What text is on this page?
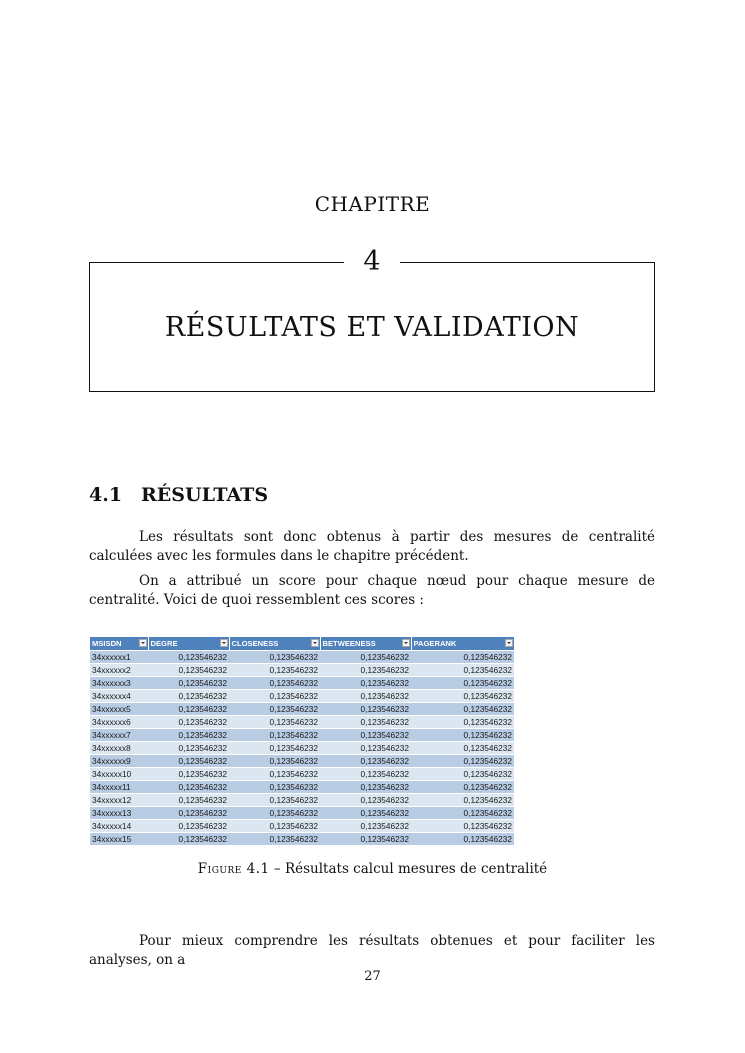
CHAPITRE
4
RÉSULTATS ET VALIDATION
4.1 RÉSULTATS

Les résultats sont donc obtenus à partir des mesures de centralité calculées avec les formules dans le chapitre précédent.

On a attribué un score pour chaque nœud pour chaque mesure de centralité. Voici de quoi ressemblent ces scores :

MSISDN	DEGRE	CLOSENESS	BETWEENESS	PAGERANK

34xxxxxx1	0,123546232	0,123546232	0,123546232	0,123546232
34xxxxxx2	0,123546232	0,123546232	0,123546232	0,123546232
34xxxxxx3	0,123546232	0,123546232	0,123546232	0,123546232
34xxxxxx4	0,123546232	0,123546232	0,123546232	0,123546232
34xxxxxx5	0,123546232	0,123546232	0,123546232	0,123546232
34xxxxxx6	0,123546232	0,123546232	0,123546232	0,123546232
34xxxxxx7	0,123546232	0,123546232	0,123546232	0,123546232
34xxxxxx8	0,123546232	0,123546232	0,123546232	0,123546232
34xxxxxx9	0,123546232	0,123546232	0,123546232	0,123546232
34xxxxx10	0,123546232	0,123546232	0,123546232	0,123546232
34xxxxx11	0,123546232	0,123546232	0,123546232	0,123546232
34xxxxx12	0,123546232	0,123546232	0,123546232	0,123546232
34xxxxx13	0,123546232	0,123546232	0,123546232	0,123546232
34xxxxx14	0,123546232	0,123546232	0,123546232	0,123546232
34xxxxx15	0,123546232	0,123546232	0,123546232	0,123546232
Figure 4.1 – Résultats calcul mesures de centralité

Pour mieux comprendre les résultats obtenues et pour faciliter les analyses, on a

27
